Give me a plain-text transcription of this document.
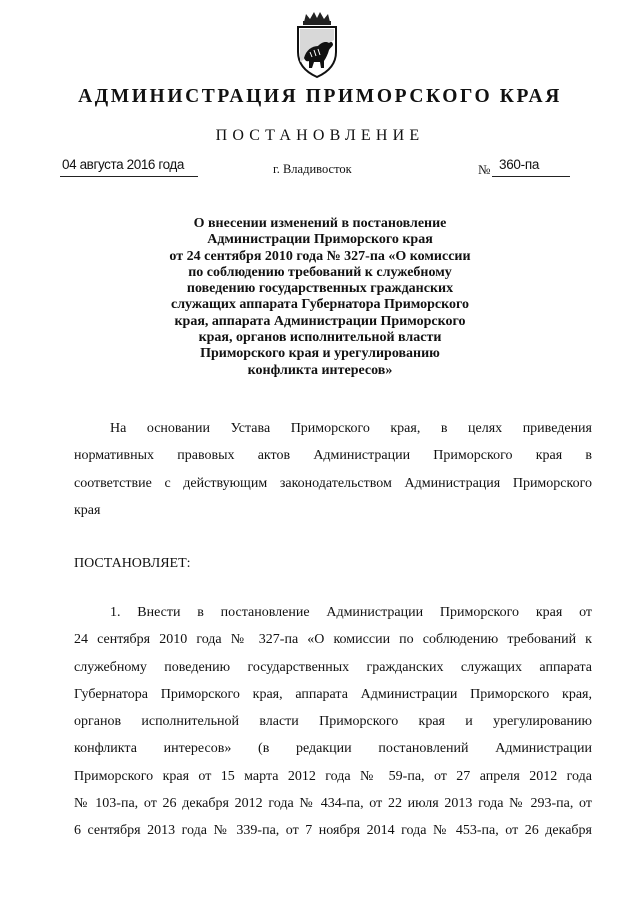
АДМИНИСТРАЦИЯ ПРИМОРСКОГО КРАЯ
ПОСТАНОВЛЕНИЕ
04 августа 2016 года	г. Владивосток	№ 360-па
О внесении изменений в постановление
Администрации Приморского края
от 24 сентября 2010 года № 327-па «О комиссии
по соблюдению требований к служебному
поведению государственных гражданских
служащих аппарата Губернатора Приморского
края, аппарата Администрации Приморского
края, органов исполнительной власти
Приморского края и урегулированию
конфликта интересов»
На основании Устава Приморского края, в целях приведения
нормативных правовых актов Администрации Приморского края в
соответствие с действующим законодательством Администрация Приморского
края
ПОСТАНОВЛЯЕТ:
1. Внести в постановление Администрации Приморского края от
24 сентября 2010 года № 327-па «О комиссии по соблюдению требований к
служебному поведению государственных гражданских служащих аппарата
Губернатора Приморского края, аппарата Администрации Приморского края,
органов исполнительной власти Приморского края и урегулированию
конфликта интересов» (в редакции постановлений Администрации
Приморского края от 15 марта 2012 года № 59-па, от 27 апреля 2012 года
№ 103-па, от 26 декабря 2012 года № 434-па, от 22 июля 2013 года № 293-па, от
6 сентября 2013 года № 339-па, от 7 ноября 2014 года № 453-па, от 26 декабря
